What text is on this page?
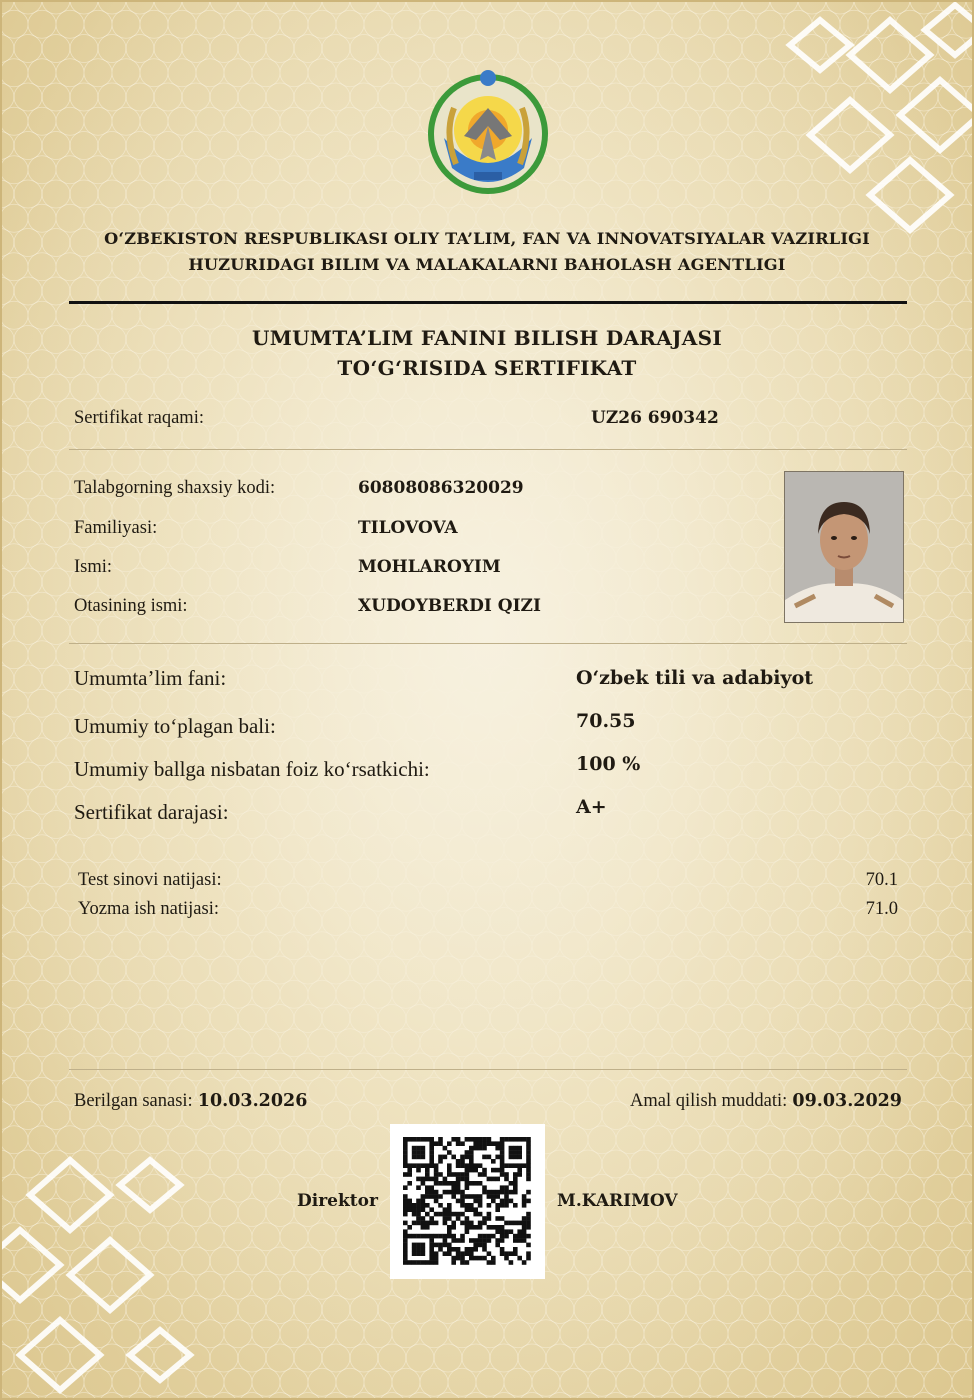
O‘ZBEKISTON RESPUBLIKASI OLIY TA’LIM, FAN VA INNOVATSIYALAR VAZIRLIGI
HUZURIDAGI BILIM VA MALAKALARNI BAHOLASH AGENTLIGI
UMUMTA’LIM FANINI BILISH DARAJASI
TO‘G‘RISIDA SERTIFIKAT
Sertifikat raqami:	UZ26 690342
Talabgorning shaxsiy kodi:	60808086320029
Familiyasi:	TILOVOVA
Ismi:	MOHLAROYIM
Otasining ismi:	XUDOYBERDI QIZI
Umumta’lim fani:	O‘zbek tili va adabiyot
Umumiy to‘plagan bali:	70.55
Umumiy ballga nisbatan foiz ko‘rsatkichi:	100 %
Sertifikat darajasi:	A+
Test sinovi natijasi:	70.1
Yozma ish natijasi:	71.0
Berilgan sanasi: 10.03.2026	Amal qilish muddati: 09.03.2029
Direktor	M.KARIMOV
